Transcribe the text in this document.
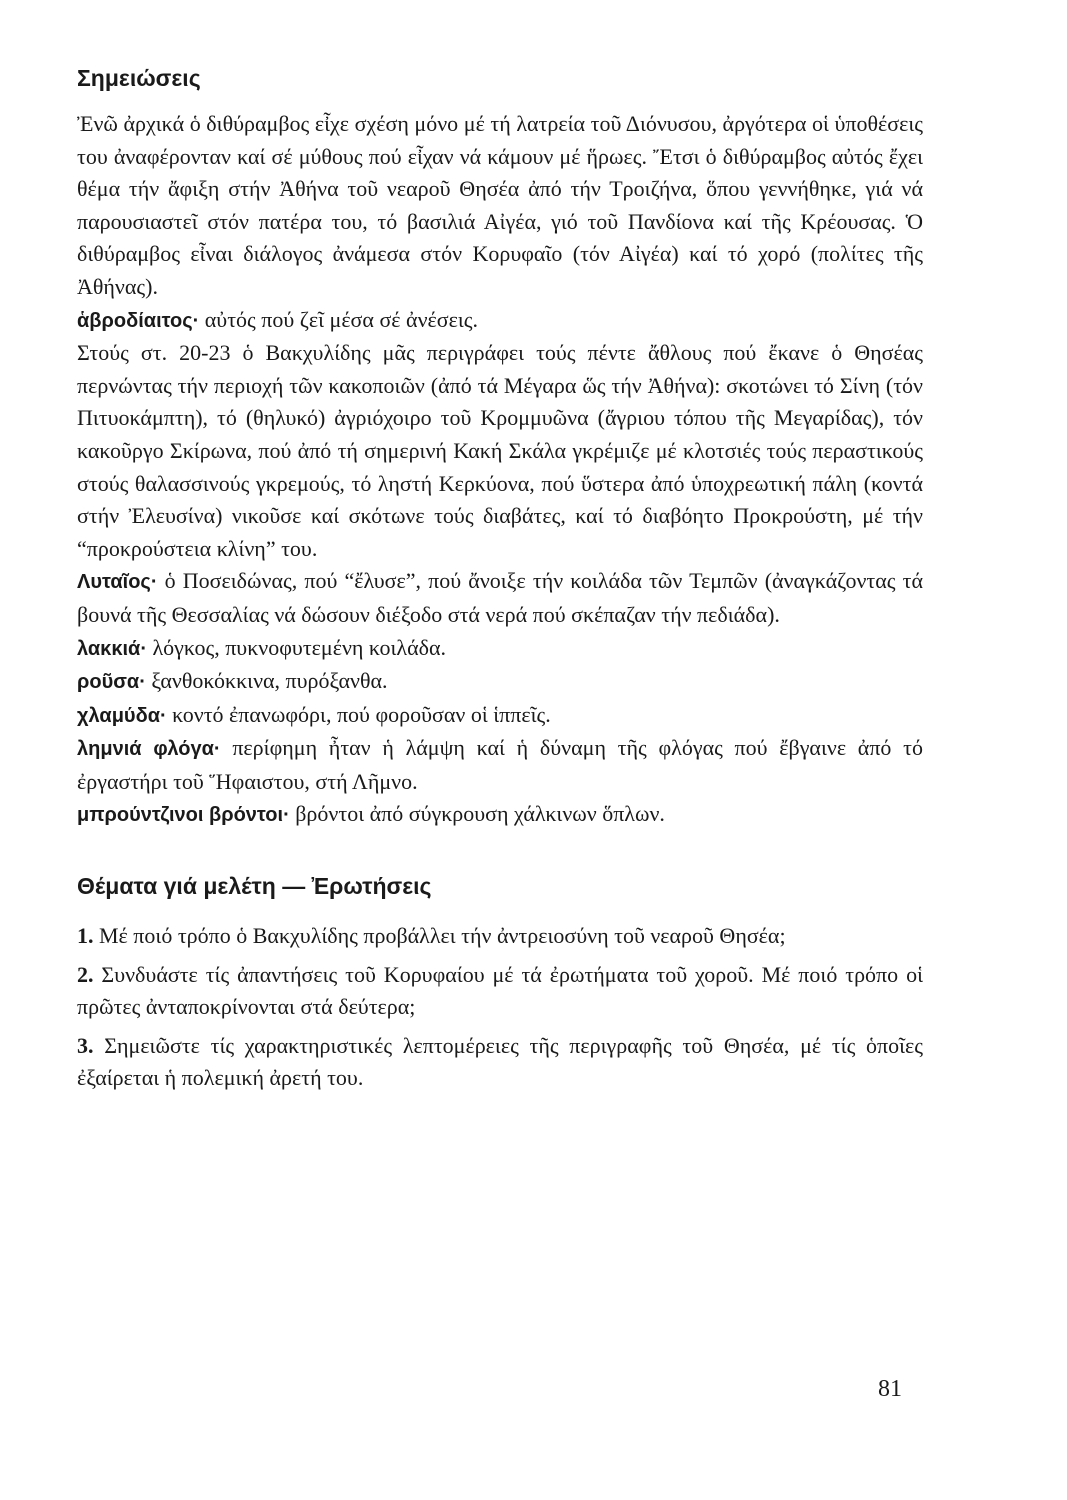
Σημειώσεις

Ἐνῶ ἀρχικά ὁ διθύραμβος εἶχε σχέση μόνο μέ τή λατρεία τοῦ Διόνυσου, ἀργότερα οἱ ὑποθέσεις του ἀναφέρονταν καί σέ μύθους πού εἶχαν νά κάμουν μέ ἥρωες. Ἔτσι ὁ διθύραμβος αὐτός ἔχει θέμα τήν ἄφιξη στήν Ἀθήνα τοῦ νεαροῦ Θησέα ἀπό τήν Τροιζήνα, ὅπου γεννήθηκε, γιά νά παρουσιαστεῖ στόν πατέρα του, τό βασιλιά Αἰγέα, γιό τοῦ Πανδίονα καί τῆς Κρέουσας. Ὁ διθύραμβος εἶναι διάλογος ἀνάμεσα στόν Κορυφαῖο (τόν Αἰγέα) καί τό χορό (πολίτες τῆς Ἀθήνας).

ἁβροδίαιτος· αὐτός πού ζεῖ μέσα σέ ἀνέσεις.

Στούς στ. 20-23 ὁ Βακχυλίδης μᾶς περιγράφει τούς πέντε ἄθλους πού ἔκανε ὁ Θησέας περνώντας τήν περιοχή τῶν κακοποιῶν (ἀπό τά Μέγαρα ὥς τήν Ἀθήνα): σκοτώνει τό Σίνη (τόν Πιτυοκάμπτη), τό (θηλυκό) ἀγριόχοιρο τοῦ Κρομμυῶνα (ἄγριου τόπου τῆς Μεγαρίδας), τόν κακοῦργο Σκίρωνα, πού ἀπό τή σημερινή Κακή Σκάλα γκρέμιζε μέ κλοτσιές τούς περαστικούς στούς θαλασσινούς γκρεμούς, τό ληστή Κερκύονα, πού ὕστερα ἀπό ὑποχρεωτική πάλη (κοντά στήν Ἐλευσίνα) νικοῦσε καί σκότωνε τούς διαβάτες, καί τό διαβόητο Προκρούστη, μέ τήν “προκρούστεια κλίνη” του.

Λυταῖος· ὁ Ποσειδώνας, πού “ἔλυσε”, πού ἄνοιξε τήν κοιλάδα τῶν Τεμπῶν (ἀναγκάζοντας τά βουνά τῆς Θεσσαλίας νά δώσουν διέξοδο στά νερά πού σκέπαζαν τήν πεδιάδα).

λακκιά· λόγκος, πυκνοφυτεμένη κοιλάδα.

ροῦσα· ξανθοκόκκινα, πυρόξανθα.

χλαμύδα· κοντό ἐπανωφόρι, πού φοροῦσαν οἱ ἱππεῖς.

λημνιά φλόγα· περίφημη ἦταν ἡ λάμψη καί ἡ δύναμη τῆς φλόγας πού ἔβγαινε ἀπό τό ἐργαστήρι τοῦ Ἥφαιστου, στή Λῆμνο.

μπρούντζινοι βρόντοι· βρόντοι ἀπό σύγκρουση χάλκινων ὅπλων.

Θέματα γιά μελέτη — Ἐρωτήσεις

1. Μέ ποιό τρόπο ὁ Βακχυλίδης προβάλλει τήν ἀντρειοσύνη τοῦ νεαροῦ Θησέα;

2. Συνδυάστε τίς ἀπαντήσεις τοῦ Κορυφαίου μέ τά ἐρωτήματα τοῦ χοροῦ. Μέ ποιό τρόπο οἱ πρῶτες ἀνταποκρίνονται στά δεύτερα;

3. Σημειῶστε τίς χαρακτηριστικές λεπτομέρειες τῆς περιγραφῆς τοῦ Θησέα, μέ τίς ὁποῖες ἐξαίρεται ἡ πολεμική ἀρετή του.

81
